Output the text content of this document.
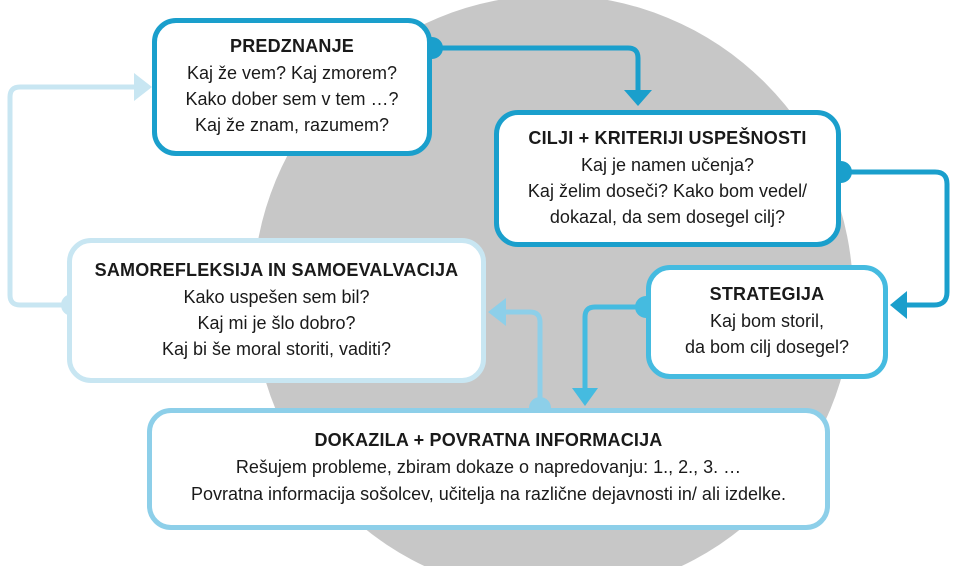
PREDZNANJE
Kaj že vem? Kaj zmorem?
Kako dober sem v tem …?
Kaj že znam, razumem?
CILJI + KRITERIJI USPEŠNOSTI
Kaj je namen učenja?
Kaj želim doseči? Kako bom vedel/
dokazal, da sem dosegel cilj?
STRATEGIJA
Kaj bom storil,
da bom cilj dosegel?
SAMOREFLEKSIJA IN SAMOEVALVACIJA
Kako uspešen sem bil?
Kaj mi je šlo dobro?
Kaj bi še moral storiti, vaditi?
DOKAZILA + POVRATNA INFORMACIJA
Rešujem probleme, zbiram dokaze o napredovanju: 1., 2., 3. …
Povratna informacija sošolcev, učitelja na različne dejavnosti in/ ali izdelke.
